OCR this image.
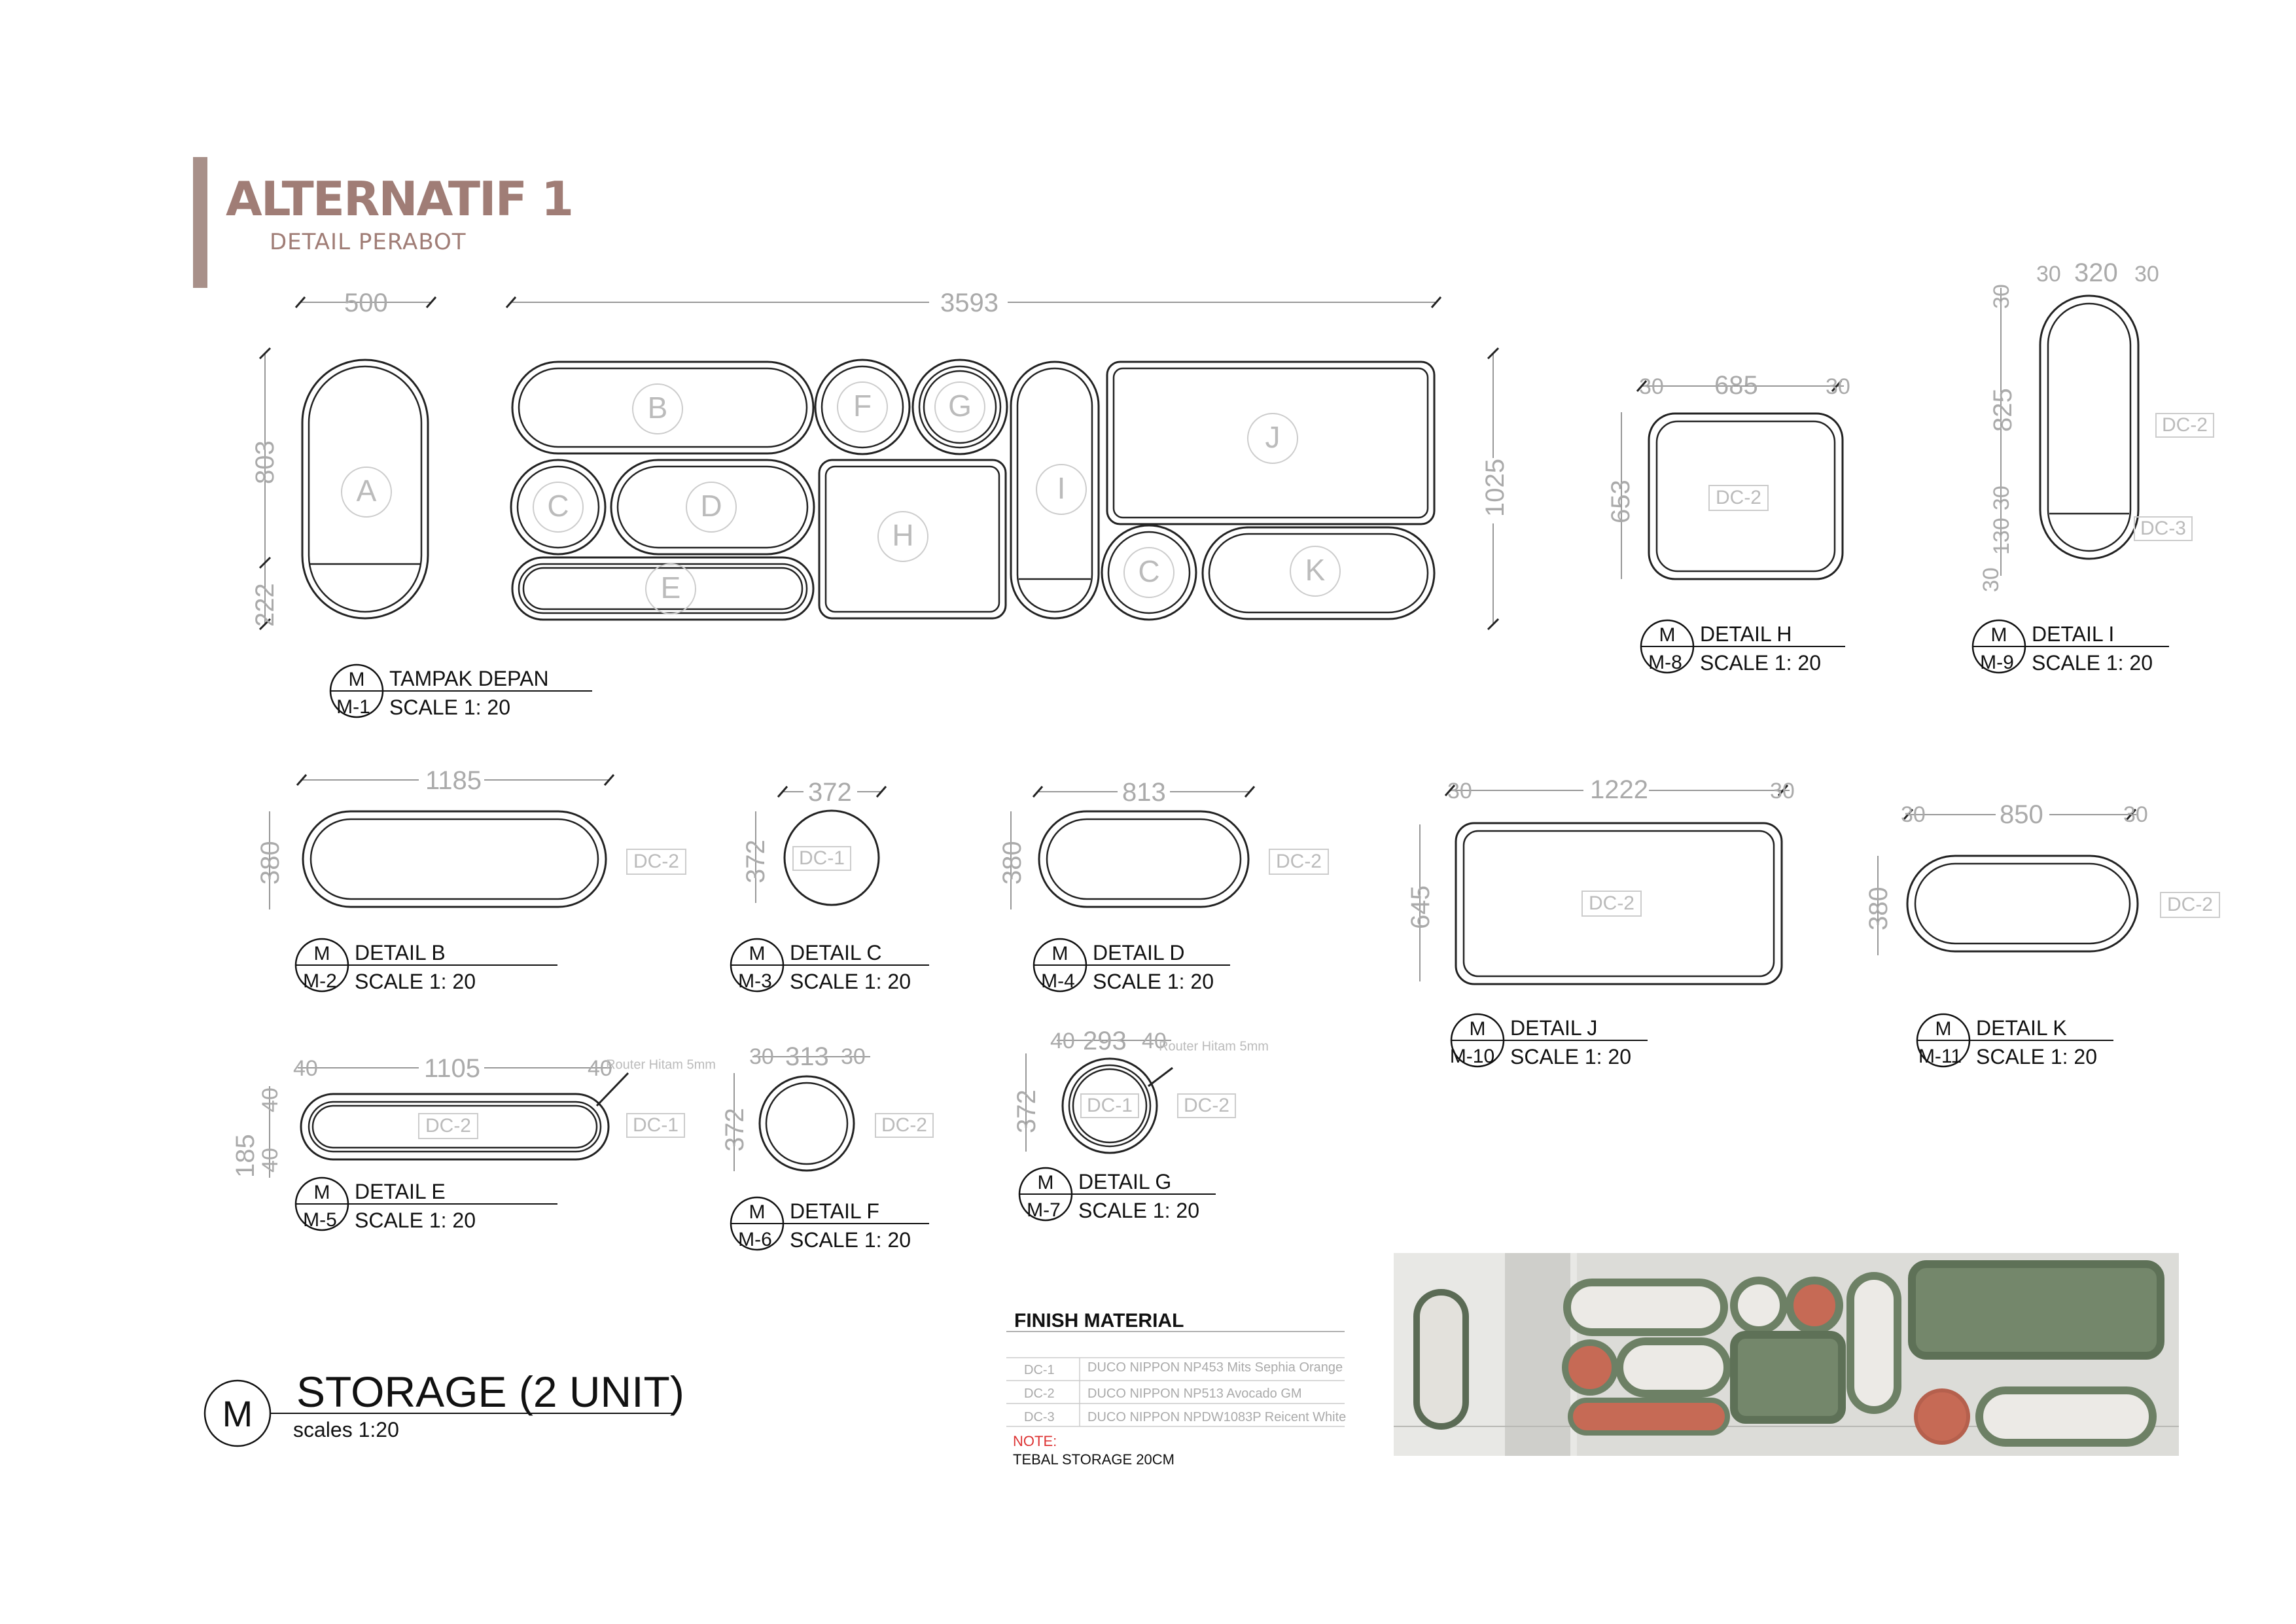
ALTERNATIF 1
DETAIL PERABOT
500	3593
803
222
1025
A
B	F	G
I
J
C	D
H
E	C	K
M
M-1
TAMPAK DEPAN
SCALE 1: 20
30 685	30
653	DC-2
M
M-8
DETAIL H
SCALE 1: 20
30 320 30
30
825
30
130
30
DC-2
DC-3
M
M-9
DETAIL I
SCALE 1: 20
1185
380	DC-2
M
M-2
DETAIL B
SCALE 1: 20
372
372 DC-1
M
M-3
DETAIL C
SCALE 1: 20
813
380	DC-2
M
M-4
DETAIL D
SCALE 1: 20
30	1222	30
645	DC-2
M
M-10
DETAIL J
SCALE 1: 20
30	850	30
380	DC-2
M
M-11
DETAIL K
SCALE 1: 20
40	1105	40
40
185
40
DC-2	DC-1
Router Hitam 5mm
M
M-5
DETAIL E
SCALE 1: 20
30 313 30
372	DC-2
M
M-6
DETAIL F
SCALE 1: 20
40 293 40
372 DC-1	DC-2
Router Hitam 5mm
M
M-7
DETAIL G
SCALE 1: 20
M STORAGE (2 UNIT)
scales 1:20
FINISH MATERIAL
DC-1	DUCO NIPPON NP453 Mits Sephia Orange
DC-2	DUCO NIPPON NP513 Avocado GM
DC-3	DUCO NIPPON NPDW1083P Reicent White
NOTE:
TEBAL STORAGE 20CM
